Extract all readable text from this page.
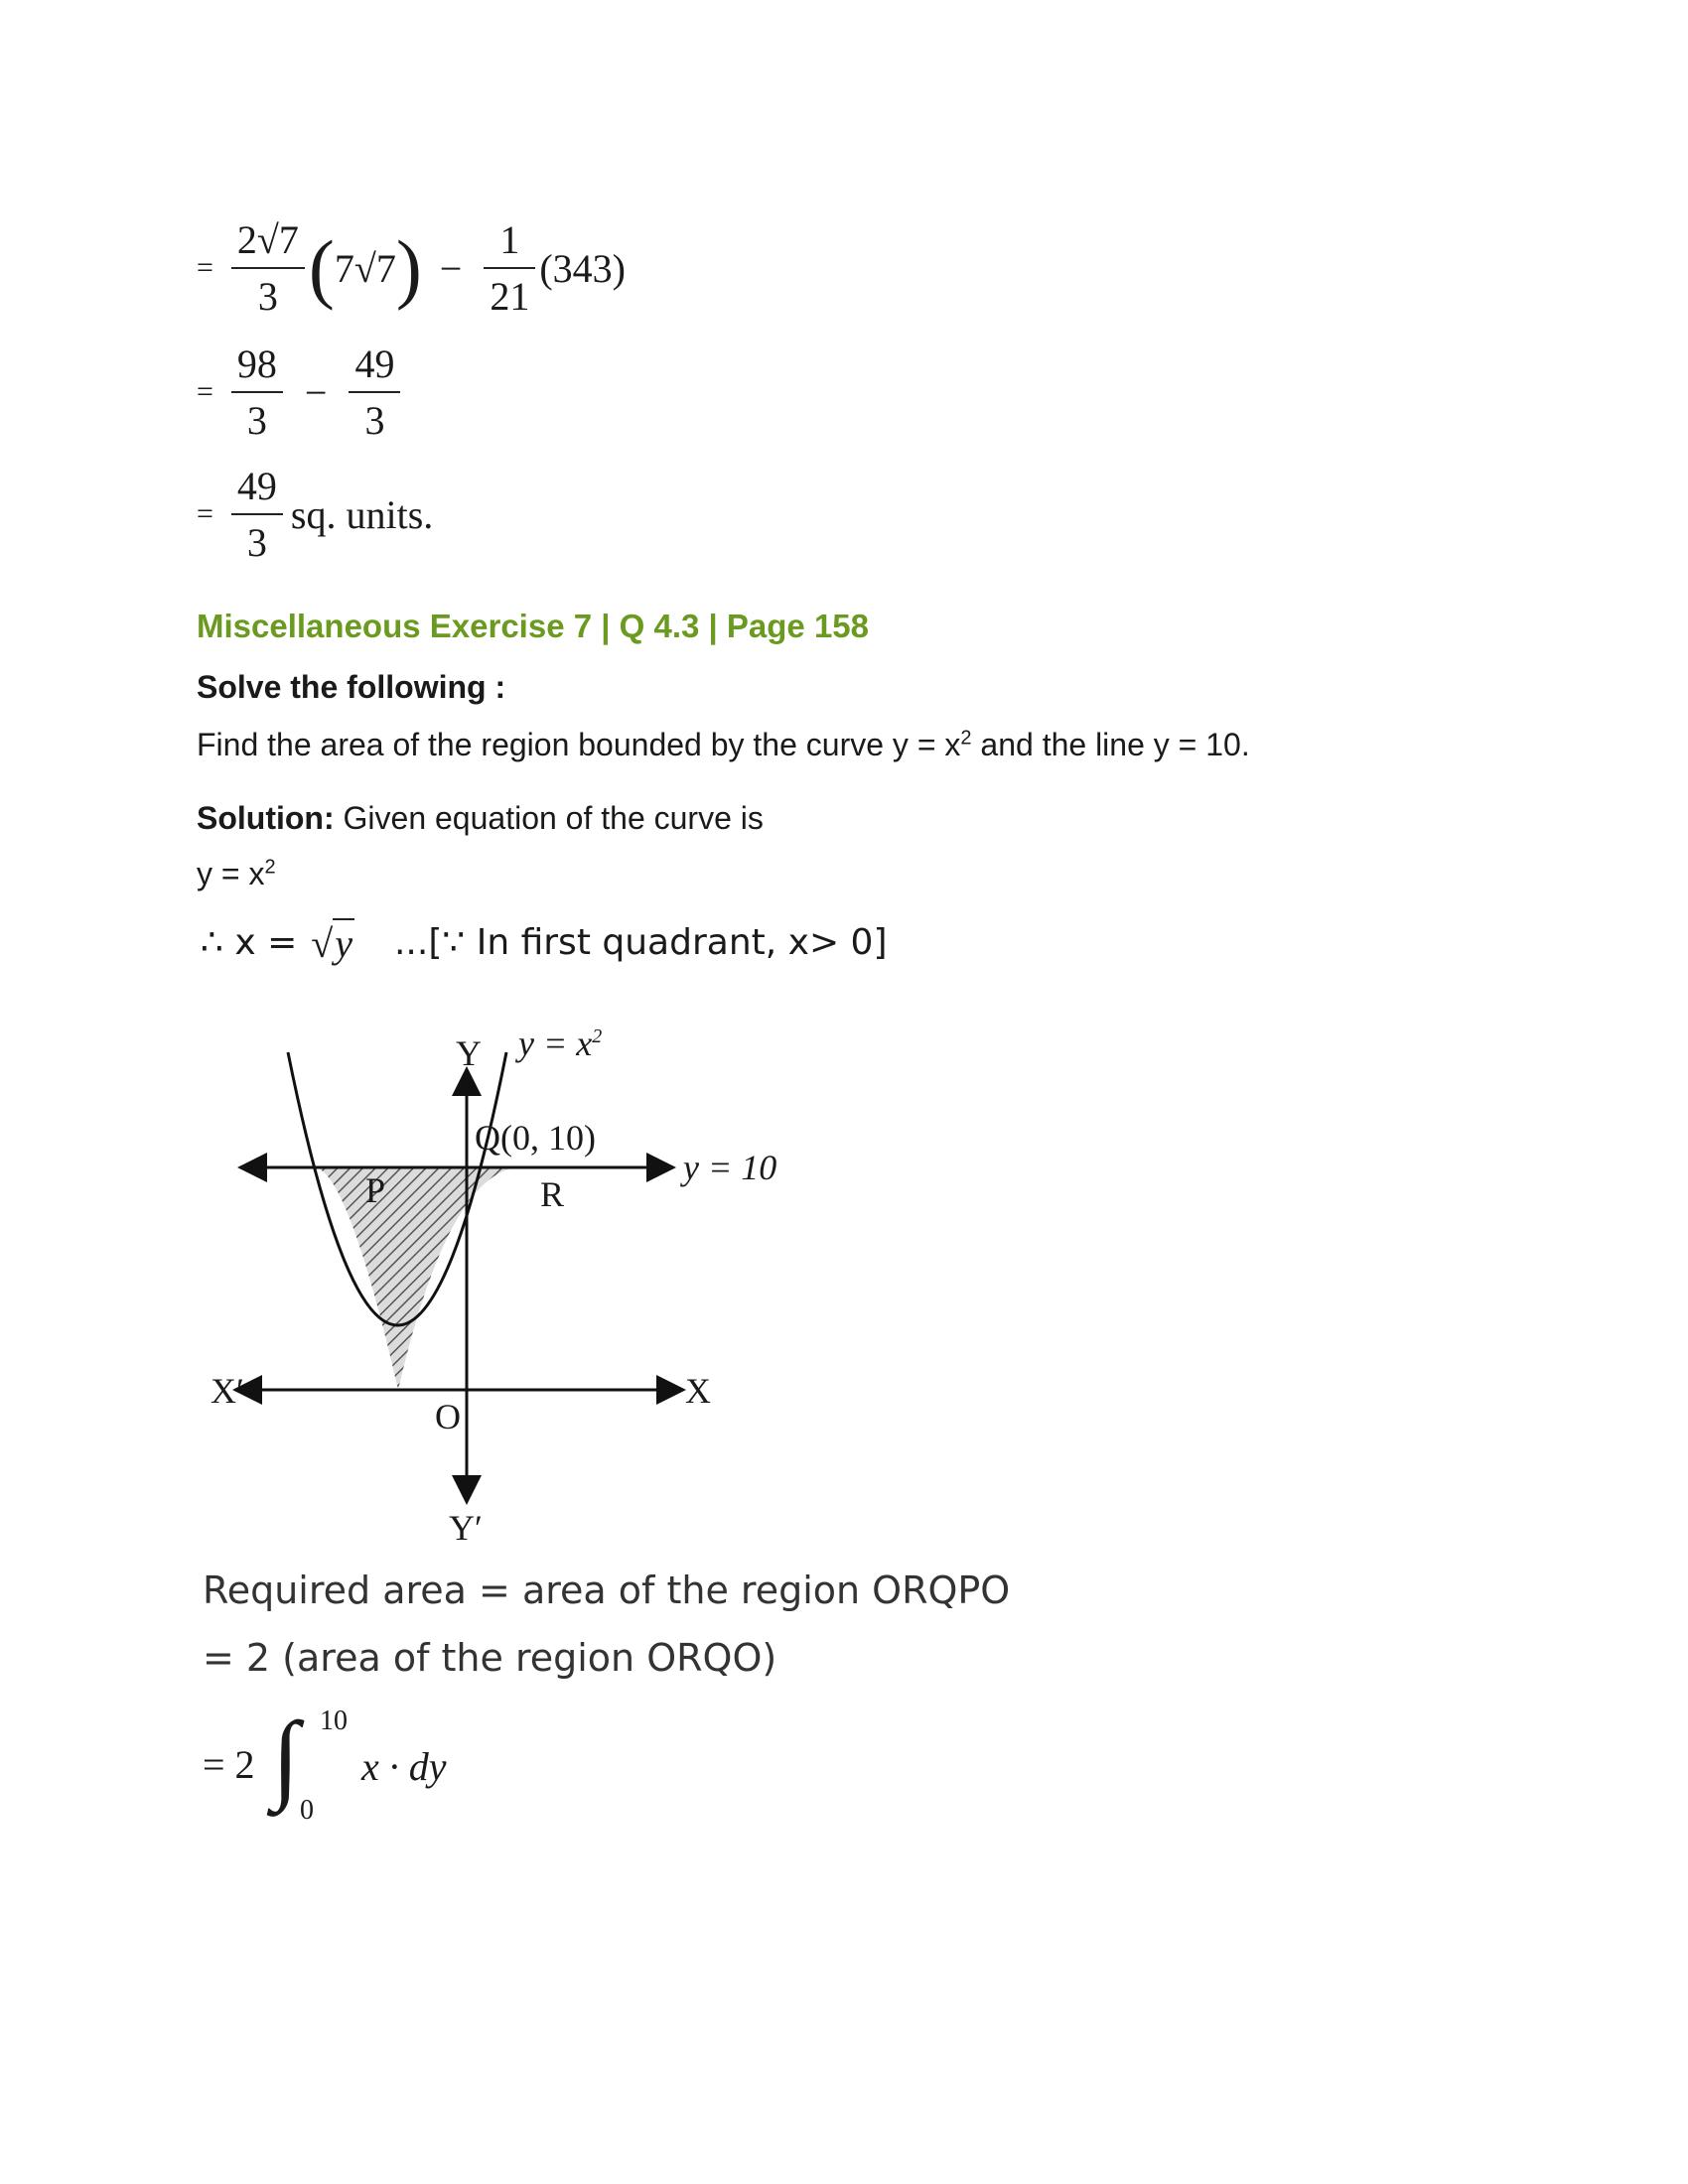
= $\frac{2√7}{3}$ ( 7√7 ) − $\frac{1}{21} (343)$
= $\frac{98}{3} - \frac{49}{3}$
= $\frac{49}{3}$ sq. units.
Miscellaneous Exercise 7 | Q 4.3 | Page 158
Solve the following :
Find the area of the region bounded by the curve $y = x^2$ and the line y = 10.
Solution: Given equation of the curve is
$y = x^2$
∴ x = √ y ...[∵ In first quadrant, x> 0]
Y $y = x^2$
Q(0, 10)
y = 10
P	R
X′	X
O
Y′
Required area = area of the region ORQPO
= 2 (area of the region ORQO)
= 2 ∫ 10
0
x · dy
